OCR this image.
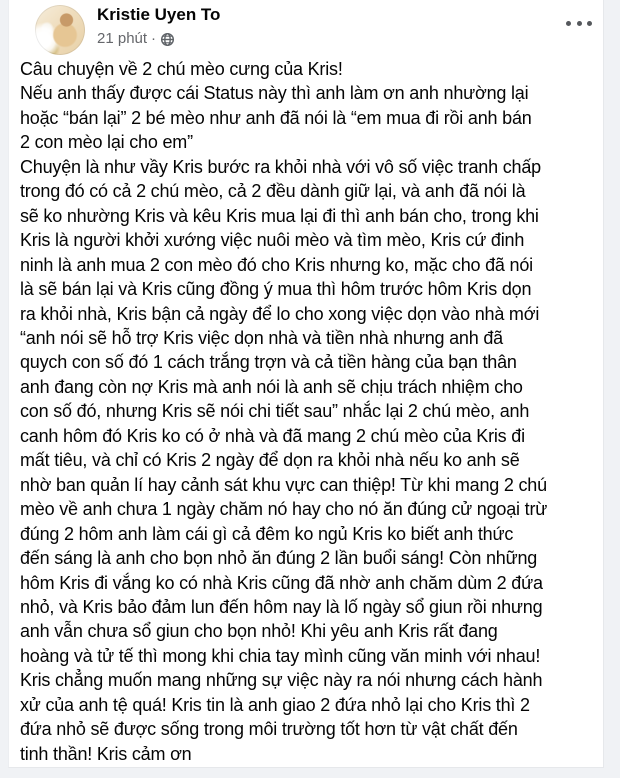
Kristie Uyen To
21 phút ·
Câu chuyện về 2 chú mèo cưng của Kris!
Nếu anh thấy được cái Status này thì anh làm ơn anh nhường lại
hoặc “bán lại” 2 bé mèo như anh đã nói là “em mua đi rồi anh bán
2 con mèo lại cho em”
Chuyện là như vầy Kris bước ra khỏi nhà với vô số việc tranh chấp
trong đó có cả 2 chú mèo, cả 2 đều dành giữ lại, và anh đã nói là
sẽ ko nhường Kris và kêu Kris mua lại đi thì anh bán cho, trong khi
Kris là người khởi xướng việc nuôi mèo và tìm mèo, Kris cứ đinh
ninh là anh mua 2 con mèo đó cho Kris nhưng ko, mặc cho đã nói
là sẽ bán lại và Kris cũng đồng ý mua thì hôm trước hôm Kris dọn
ra khỏi nhà, Kris bận cả ngày để lo cho xong việc dọn vào nhà mới
“anh nói sẽ hỗ trợ Kris việc dọn nhà và tiền nhà nhưng anh đã
quych con số đó 1 cách trắng trợn và cả tiền hàng của bạn thân
anh đang còn nợ Kris mà anh nói là anh sẽ chịu trách nhiệm cho
con số đó, nhưng Kris sẽ nói chi tiết sau” nhắc lại 2 chú mèo, anh
canh hôm đó Kris ko có ở nhà và đã mang 2 chú mèo của Kris đi
mất tiêu, và chỉ có Kris 2 ngày để dọn ra khỏi nhà nếu ko anh sẽ
nhờ ban quản lí hay cảnh sát khu vực can thiệp! Từ khi mang 2 chú
mèo về anh chưa 1 ngày chăm nó hay cho nó ăn đúng cử ngoại trừ
đúng 2 hôm anh làm cái gì cả đêm ko ngủ Kris ko biết anh thức
đến sáng là anh cho bọn nhỏ ăn đúng 2 lần buổi sáng! Còn những
hôm Kris đi vắng ko có nhà Kris cũng đã nhờ anh chăm dùm 2 đứa
nhỏ, và Kris bảo đảm lun đến hôm nay là lố ngày sổ giun rồi nhưng
anh vẫn chưa sổ giun cho bọn nhỏ! Khi yêu anh Kris rất đang
hoàng và tử tế thì mong khi chia tay mình cũng văn minh với nhau!
Kris chẳng muốn mang những sự việc này ra nói nhưng cách hành
xử của anh tệ quá! Kris tin là anh giao 2 đứa nhỏ lại cho Kris thì 2
đứa nhỏ sẽ được sống trong môi trường tốt hơn từ vật chất đến
tinh thần! Kris cảm ơn
